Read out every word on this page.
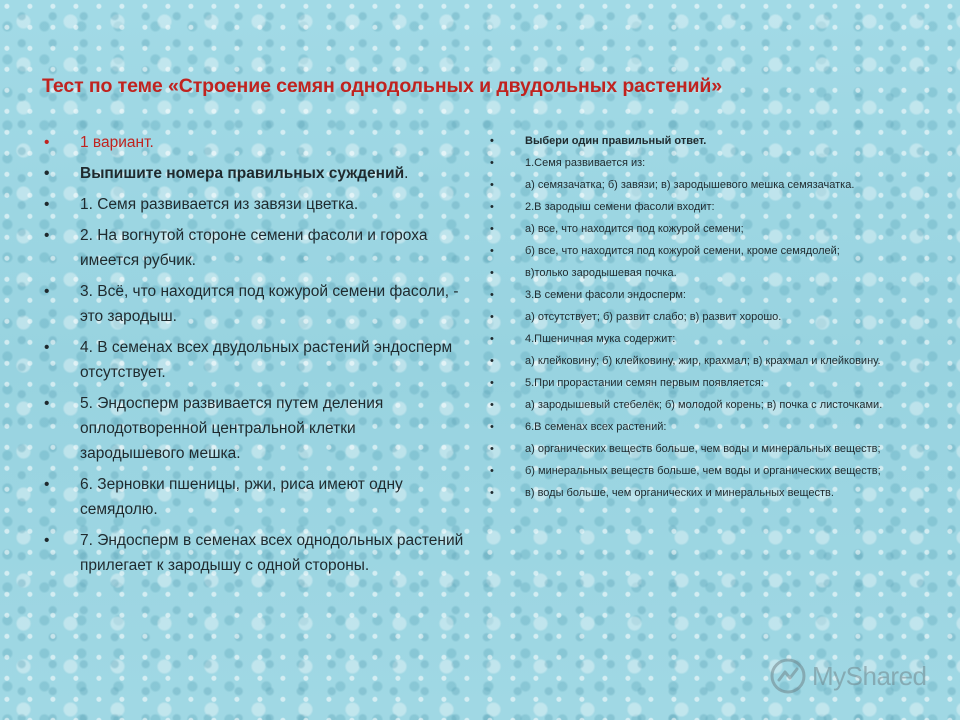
Тест по теме «Строение семян однодольных и двудольных растений»
• 1 вариант.
• Выпишите номера правильных суждений.
• 1. Семя развивается из завязи цветка.
• 2. На вогнутой стороне семени фасоли и гороха имеется рубчик.
• 3. Всё, что находится под кожурой семени фасоли, - это зародыш.
• 4. В семенах всех двудольных растений эндосперм отсутствует.
• 5. Эндосперм развивается путем деления оплодотворенной центральной клетки зародышевого мешка.
• 6. Зерновки пшеницы, ржи, риса имеют одну семядолю.
• 7. Эндосперм в семенах всех однодольных растений прилегает к зародышу с одной стороны.
• Выбери один правильный ответ.
• 1.Семя развивается из:
• а) семязачатка; б) завязи; в) зародышевого мешка семязачатка.
• 2.В зародыш семени фасоли входит:
• а) все, что находится под кожурой семени;
• б) все, что находится под кожурой семени, кроме семядолей;
• в)только зародышевая почка.
• 3.В семени фасоли эндосперм:
• а) отсутствует; б) развит слабо; в) развит хорошо.
• 4.Пшеничная мука содержит:
• а) клейковину; б) клейковину, жир, крахмал; в) крахмал и клейковину.
• 5.При прорастании семян первым появляется:
• а) зародышевый стебелёк; б) молодой корень; в) почка с листочками.
• 6.В семенах всех растений:
• а) органических веществ больше, чем воды и минеральных веществ;
• б) минеральных веществ больше, чем воды и органических веществ;
• в) воды больше, чем органических и минеральных веществ.
MyShared
